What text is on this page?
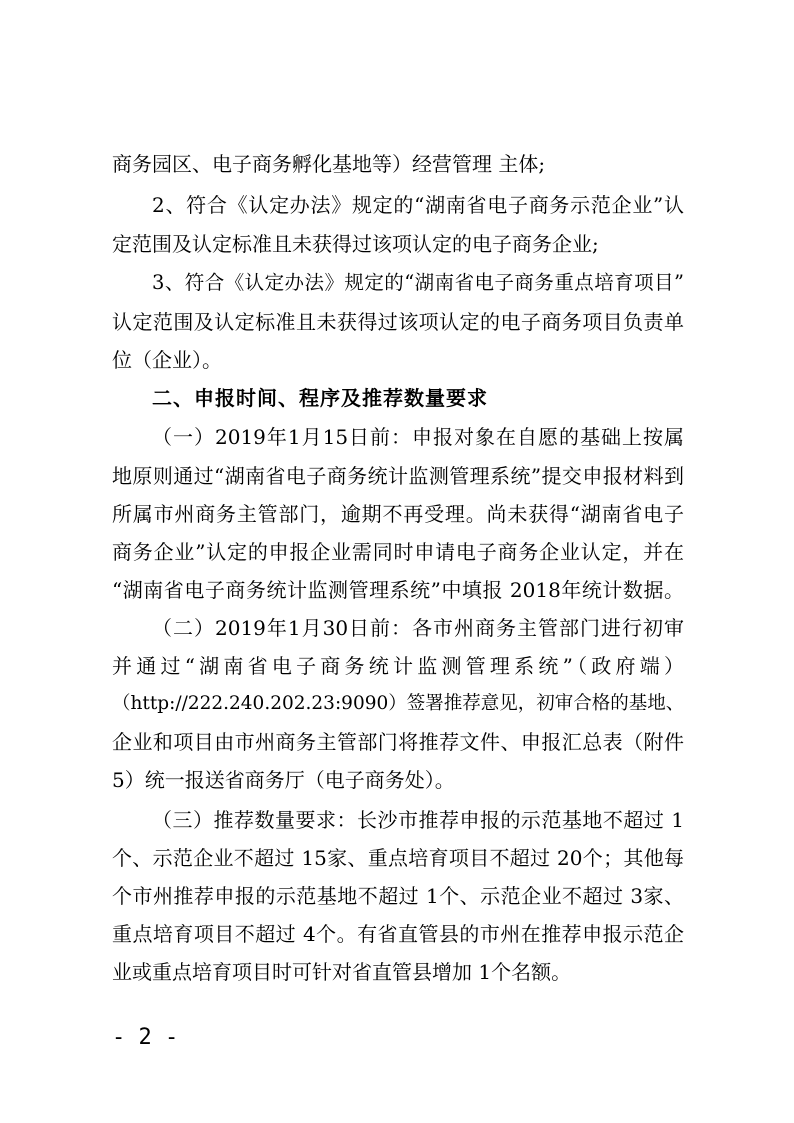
商务园区、电子商务孵化基地等）经营管理 主体;
2、符合《认定办法》规定的“湖南省电子商务示范企业”认
定范围及认定标准且未获得过该项认定的电子商务企业;
3、符合《认定办法》规定的“湖南省电子商务重点培育项目”
认定范围及认定标准且未获得过该项认定的电子商务项目负责单
位（企业）。
二、申报时间、程序及推荐数量要求
（一）2019年1月15日前：申报对象在自愿的基础上按属
地原则通过“湖南省电子商务统计监测管理系统”提交申报材料到
所属市州商务主管部门，逾期不再受理。尚未获得“湖南省电子
商务企业”认定的申报企业需同时申请电子商务企业认定，并在
“湖南省电子商务统计监测管理系统”中填报 2018年统计数据。
（二）2019年1月30日前：各市州商务主管部门进行初审
并通过“湖南省电子商务统计监测管理系统”（政府端）
（http://222.240.202.23:9090）签署推荐意见，初审合格的基地、
企业和项目由市州商务主管部门将推荐文件、申报汇总表（附件
5）统一报送省商务厅（电子商务处）。
（三）推荐数量要求：长沙市推荐申报的示范基地不超过 1
个、示范企业不超过 15家、重点培育项目不超过 20个；其他每
个市州推荐申报的示范基地不超过 1个、示范企业不超过 3家、
重点培育项目不超过 4个。有省直管县的市州在推荐申报示范企
业或重点培育项目时可针对省直管县增加 1个名额。
- 2 -
